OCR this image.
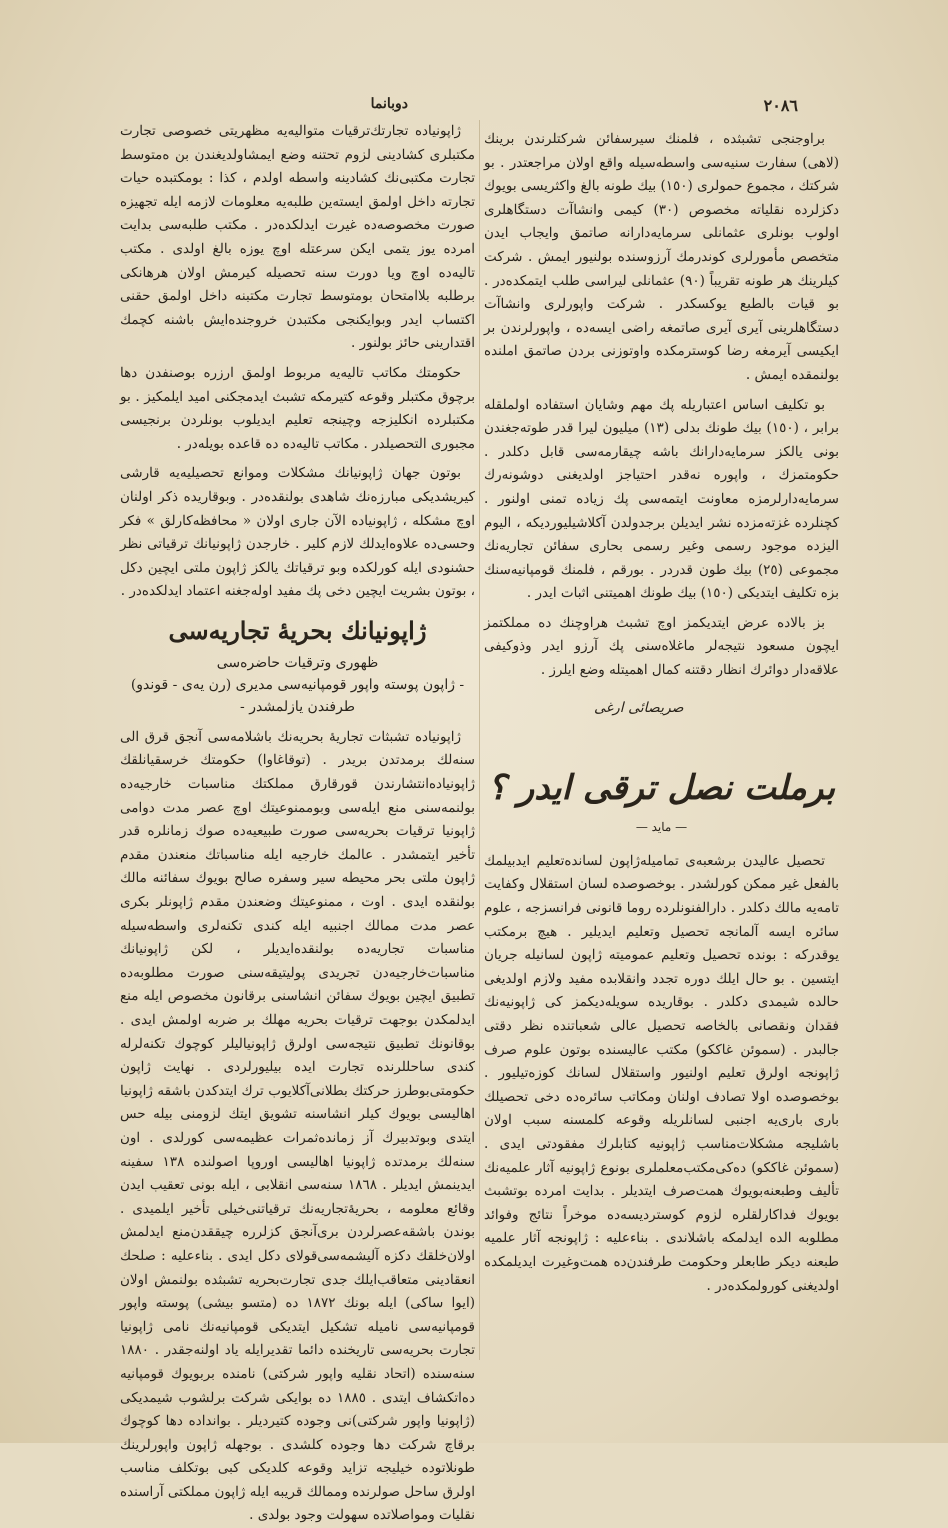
٢٠٨٦
دوبانما

براوجنجی تشبثده ، فلمنك سیرسفائن شركتلرندن برینك (لاهی) سفارت سنیه‌سی واسطه‌سیله واقع اولان مراجعتدر . بو شركتك ، مجموع حمولری (١٥٠) بیك طونه بالغ واكثریسی بویوك دكزلرده نقلیاته مخصوص (٣٠) كیمی وانشاآت دستگاهلری اولوب بونلری عثمانلی سرمایه‌دارانه صاتمق وایجاب ایدن متخصص مأمورلری كوندرمك آرزوسنده بولنیور ایمش . شركت كیلرینك هر طونه تقریباً (٩٠) عثمانلی لیراسی طلب ایتمكده‌در . بو قیات بالطبع یوكسكدر . شركت واپورلری وانشاآت دستگاهلرینی آیری آیری صاتمغه راضی ایسه‌ده ، واپورلرندن بر ایكیسی آیرمغه رضا كوسترمكده واوتوزنی بردن صاتمق املنده بولنمقده ایمش .

بو تكلیف اساس اعتباریله پك مهم وشایان استفاده اولملقله برابر ، (١٥٠) بیك طونك بدلی (١٣) میلیون لیرا قدر طوته‌جغندن بونی یالكز سرمایه‌دارانك باشه چیقارمه‌سی قابل دكلدر . حكومتمزك ، واپوره نه‌قدر احتیاجز اولدیغنی دوشونه‌رك سرمایه‌دارلرمزه معاونت ایتمه‌سی پك زیاده تمنی اولنور . كچنلرده غزته‌مزده نشر ایدیلن برجدولدن آكلاشیلیوردیكه ، الیوم الیزده موجود رسمی وغیر رسمی بحاری سفائن تجاریه‌نك مجموعی (٢٥) بیك طون قدردر . بورقم ، فلمنك قومپانیه‌سنك بزه تكلیف ایتدیكی (١٥٠) بیك طونك اهمیتنی اثبات ایدر .

بز بالاده عرض ایتدیكمز اوچ تشبث هراوچنك ده مملكتمز ایچون مسعود نتیجه‌لر ماغلا‌ه‌سنی پك آرزو ایدر وذوكیفی علاقه‌دار دوائرك انظار دقتنه كمال اهمیتله وضع ایلرز .

صریصائی ارغی
برملت نصل ترقی ایدر ؟
— ماید —

تحصیل عالیدن برشعبه‌ی تمامیله‌ژاپون لسانده‌تعلیم ایدبیلمك بالفعل غیر ممكن كورلشدر . بوخصوصده لسان استقلال وكفایت تامه‌یه مالك دكلدر . دارالفنونلرده روما قانونی فرانسزجه ، علوم سائره ایسه آلمانجه تحصیل وتعلیم ایدیلیر . هیچ برمكتب یوقدر‌كه : بونده تحصیل وتعلیم عمومیته ژاپون لسانیله جریان ایتسین . بو حال ایلك دوره تجدد وانقلابده مفید ولازم اولدیغی حالده شیمدی دكلدر . بوقاریده سویله‌دیكمز كی ژاپونیه‌نك فقدان ونقصانی بالخاصه تحصیل عالی شعباتنده نظر دقتی جالبدر . (سموئن غاككو) مكتب عالیسنده بوتون علوم صرف ژاپونجه اولرق تعلیم اولنیور واستقلال لسانك كوزه‌تیلیور . بوخصوصده اولا تصادف اولنان ومكاتب سائره‌ده دخی تحصیلك باری باری‌یه اجنبی لسانلریله وقوعه كلمسنه سبب اولان باشلیجه مشكلات‌مناسب ژاپونیه كتابلرك مفقودتی ایدی . (سموئن غاككو) ده‌كی‌مكتب‌معلملری بونوع ژاپونیه آثار علمیه‌نك تألیف وطبعنه‌بویوك همت‌صرف ایتدیلر . بدایت امرده بوتشبث بویوك فداكارلقلره لزوم كوستردیسه‌ده موخراً نتائج وفوائد مطلوبه الده ایدلمكه باشلاندی . بناءعلیه : ژاپونجه آثار علمیه طبعنه دیكر طابعلر وحكومت طرفندن‌ده همت‌وغیرت ایدیلمكده‌ اولدیغنی كورولمكده‌در .

ژاپونیاده تجارتك‌ترقیات متوالیه‌یه مظهریتی خصوصی تجارت مكتبلری كشادینی لزوم تحتنه وضع ایمشاولدیغندن بن ه‌متوسط تجارت مكتبی‌نك كشادینه واسطه اولدم ، كذا : بومكتبده حیات تجارته داخل اولمق ایسته‌ین طلبه‌یه معلومات لازمه ایله تجهیزه صورت مخصوصه‌ده غیرت ایدلكده‌در . مكتب طلبه‌سی بدایت امرده یوز یتمی ایكن سرعتله اوچ یوزه بالغ اولدی . مكتب تالیه‌ده اوچ ویا دورت سنه تحصیله كیرمش اولان هرهانكی برطلبه بلاامتحان بومتوسط تجارت مكتبنه داخل اولمق حقنی اكتساب ایدر وبوایكنجی مكتبدن خروجنده‌ایش باشنه كچمك اقتدارینی حائز بولنور .

حكومتك مكاتب تالیه‌یه مربوط اولمق ارزره بوصنفدن دها برچوق مكتبلر وقوعه كتیرمكه تشبث ایدمجكنی امید ایلمكیز . بو مكتبلرده انكلیزجه وچینجه تعلیم ایدیلوب بونلردن برنجیسی مجبوری التحصیلدر . مكاتب تالیه‌ده ده‌ قاعده بویله‌در .

بوتون جهان ژاپونیانك مشكلات وموانع تحصیلیه‌یه قارشی كیریشدیكی مبارزه‌نك شاهدی بولنقده‌در . وبوقاریده ذكر اولنان اوچ مشكله ، ژاپونیاده الآن جاری اولان « محافظه‌كارلق » فكر وحسی‌ده علاوه‌ایدلك لازم كلیر . خارجدن ژاپونیانك ترقیاتی نظر حشنودی ایله كورلكده وبو ترقیاتك یالكز ژاپون ملتی ایچین دكل ، بوتون بشریت ایچین دخی پك مفید اوله‌جغنه اعتماد ایدلكده‌در .

ژاپونیانك بحریهٔ تجاریه‌سی
ظهوری وترقیات حاضره‌سی
- ژاپون پوسته واپور قومپانیه‌سی مدیری (رن یه‌ی - قوندو)
طرفندن یازلمشدر -

ژاپونیاده تشبثات تجاریهٔ بحریه‌نك باشلامه‌سی آنجق قرق الی سنه‌لك برمدتدن بریدر . (توقاغاوا) حكومتك خرسقیانلقك ژاپونیاده‌انتشارندن قورقارق مملكتك مناسبات خارجیه‌ده بولنمه‌سنی منع ایله‌سی وبوممنوعیتك اوچ عصر مدت دوامی ژاپونیا ترقیات بحریه‌سی صورت طبیعیه‌ده صوك زمانلره قدر تأخیر ایتمشدر . عالمك خارجیه ایله مناسباتك منعندن مقدم ژاپون ملتی بحر محیطه سیر وسفره صالح بویوك سفائنه مالك بولنقده ایدی . اوت ، ممنوعیتك وضعندن مقدم ژاپونلر بكری عصر مدت ممالك اجنبیه ایله كندی تكنه‌لری واسطه‌سیله مناسبات تجاریه‌ده بولنقده‌ایدیلر ، لكن ژاپونیانك مناسبات‌خارجیه‌دن تجریدی پولیتیقه‌سنی صورت مطلوبه‌ده تطبیق ایچین بویوك سفائن انشاسنی برقانون مخصوص ایله منع ایدلمكدن بوجهت ترقیات بحریه مهلك بر ضربه اولمش ایدی . بوقانونك تطبیق نتیجه‌سی اولرق ژاپونیالیلر كوچوك تكنه‌لرله كندی ساحللرنده تجارت ایده بیلیورلردی . نهایت ژاپون حكومتی‌بوطرز حركتك بطلانی‌آكلایوب ترك ایتدكدن باشقه ژاپونیا اهالیسی بویوك كیلر انشاسنه تشویق ایتك لزومنی بیله حس ایتدی وبوتدبیرك آز زمانده‌ثمرات عظیمه‌سی كورلدی . اون سنه‌لك برمدتده ژاپونیا اهالیسی اوروپا اصولنده ١٣٨ سفینه ایدینمش ایدیلر . ١٨٦٨ سنه‌سی انقلابی ، ایله بونی تعقیب ایدن وقائع معلومه ، بحریهٔ‌تجاریه‌نك ترقیاتنی‌خیلی تأخیر ایلمیدی . بوندن باشقه‌عصرلردن بری‌آنجق كزلرره چیققدن‌منع ایدلمش اولان‌خلقك دكزه آلیشمه‌سی‌قولای دكل ایدی . بناءعلیه : صلحك انعقادینی متعاقب‌ایلك جدی تجارت‌بحریه تشبثده بولنمش اولان (ایوا ساكی) ایله بونك ١٨٧٢ ده (متسو بیشی) پوسته واپور قومپانیه‌سی نامیله تشكیل ایتدیكی قومپانیه‌نك نامی ژاپونیا تجارت بحریه‌سی تاریخنده دائما تقدیرایله یاد اولنه‌جقدر . ١٨٨٠ سنه‌سنده (اتحاد نقلیه واپور شركتی) نامنده بربویوك قومپانیه ده‌اتكشاف ایتدی . ١٨٨٥ ده بوایكی شركت برلشوب شیمدیكی (ژاپونیا واپور شركتی)نی وجوده كتیردیلر . بوانداده دها كوچوك برقاچ شركت دها وجوده كلشدی . بوجهله ژاپون واپورلرینك طونلاتوده خیلیجه تزاید وقوعه كلدیكی كبی بوتكلف مناسب اولرق ساحل صولرنده وممالك قریبه ایله ژاپون مملكتی آراسنده نقلیات ومواصلاتده سهولت وجود بولدی .
